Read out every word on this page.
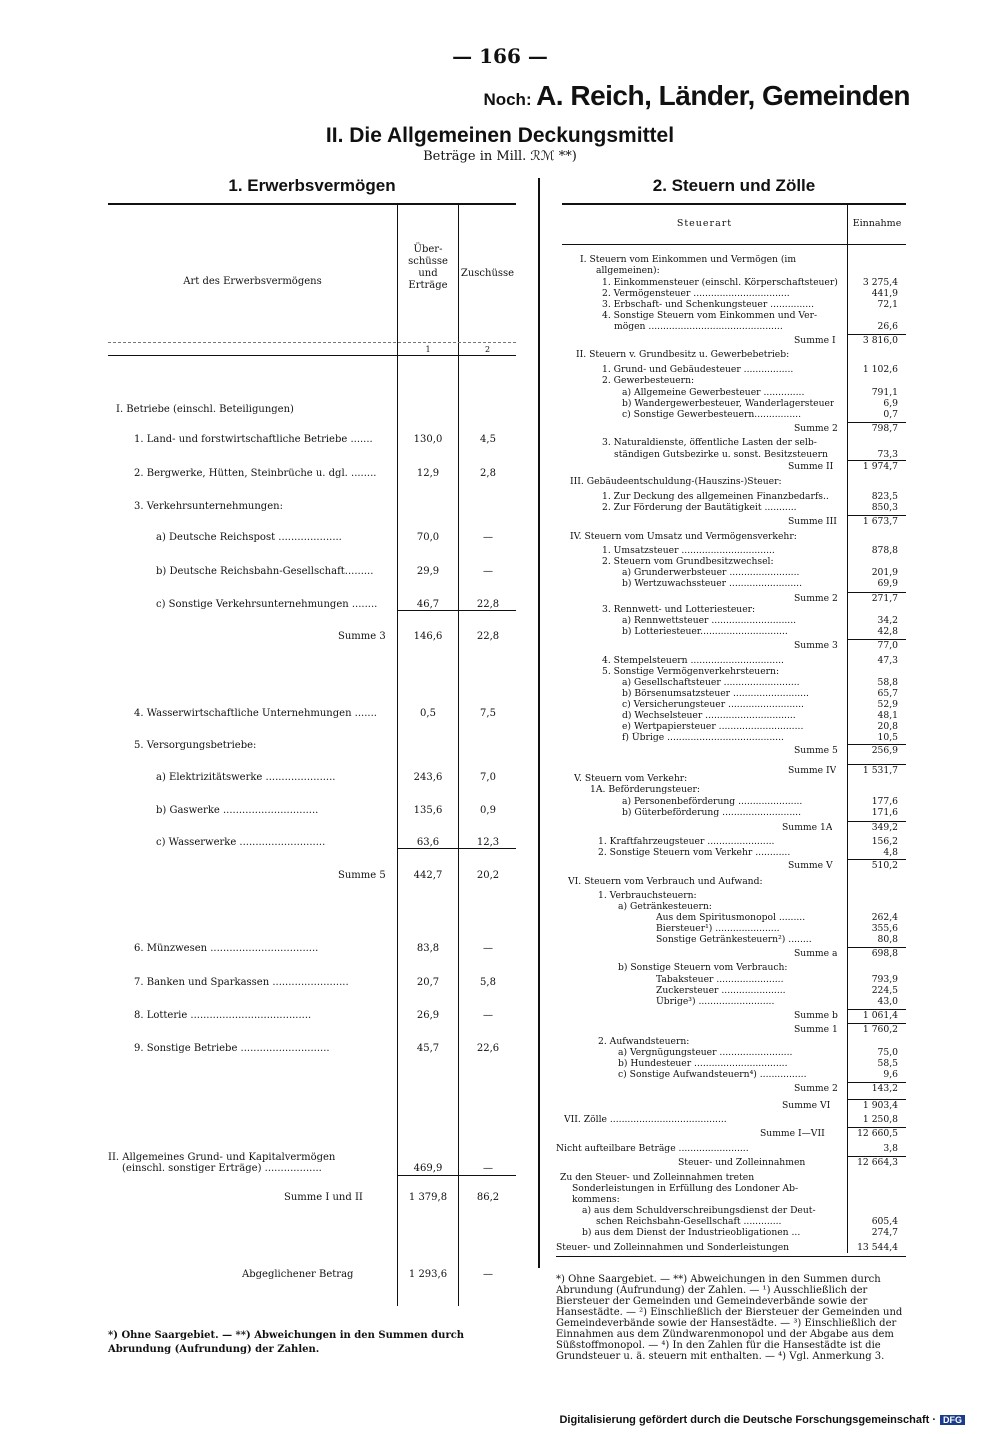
— 166 —
Noch: A. Reich, Länder, Gemeinden
II. Die Allgemeinen Deckungsmittel
Beträge in Mill. ℛℳ **)
1. Erwerbsvermögen	2. Steuern und Zölle
Art des Erwerbsvermögens
Über-
schüsse
und
Erträge
Zuschüsse
1	2
I. Betriebe (einschl. Beteiligungen)
1. Land- und forstwirtschaftliche Betriebe .......	130,0	4,5
2. Bergwerke, Hütten, Steinbrüche u. dgl. ........	12,9	2,8
3. Verkehrsunternehmungen:
a) Deutsche Reichspost ....................	70,0	—
b) Deutsche Reichsbahn-Gesellschaft.........	29,9	—
c) Sonstige Verkehrsunternehmungen ........	46,7	22,8
Summe 3	146,6	22,8
4. Wasserwirtschaftliche Unternehmungen .......	0,5	7,5
5. Versorgungsbetriebe:
a) Elektrizitätswerke ......................	243,6	7,0
b) Gaswerke ..............................	135,6	0,9
c) Wasserwerke ...........................	63,6	12,3
Summe 5	442,7	20,2
6. Münzwesen ..................................	83,8	—
7. Banken und Sparkassen ........................	20,7	5,8
8. Lotterie ......................................	26,9	—
9. Sonstige Betriebe ............................	45,7	22,6
II. Allgemeines Grund- und Kapitalvermögen
(einschl. sonstiger Erträge) ..................	469,9	—
Summe I und II	1 379,8	86,2
Abgeglichener Betrag	1 293,6	—
Steuerart	Einnahme
I. Steuern vom Einkommen und Vermögen (im
allgemeinen):
1. Einkommensteuer (einschl. Körperschaftsteuer)	3 275,4
2. Vermögensteuer .................................	441,9
3. Erbschaft- und Schenkungsteuer ...............	72,1
4. Sonstige Steuern vom Einkommen und Ver-
mögen ..............................................	26,6
Summe I	3 816,0
II. Steuern v. Grundbesitz u. Gewerbebetrieb:
1. Grund- und Gebäudesteuer .................	1 102,6
2. Gewerbesteuern:
a) Allgemeine Gewerbesteuer ..............	791,1
b) Wandergewerbesteuer, Wanderlagersteuer	6,9
c) Sonstige Gewerbesteuern................	0,7
Summe 2	798,7
3. Naturaldienste, öffentliche Lasten der selb-
ständigen Gutsbezirke u. sonst. Besitzsteuern	73,3
Summe II	1 974,7
III. Gebäudeentschuldung-(Hauszins-)Steuer:
1. Zur Deckung des allgemeinen Finanzbedarfs..	823,5
2. Zur Förderung der Bautätigkeit ...........	850,3
Summe III	1 673,7
IV. Steuern vom Umsatz und Vermögensverkehr:
1. Umsatzsteuer ................................	878,8
2. Steuern vom Grundbesitzwechsel:
a) Grunderwerbsteuer ........................	201,9
b) Wertzuwachssteuer .........................	69,9
Summe 2	271,7
3. Rennwett- und Lotteriesteuer:
a) Rennwettsteuer .............................	34,2
b) Lotteriesteuer..............................	42,8
Summe 3	77,0
4. Stempelsteuern ................................	47,3
5. Sonstige Vermögenverkehrsteuern:
a) Gesellschaftsteuer ..........................	58,8
b) Börsenumsatzsteuer ..........................	65,7
c) Versicherungsteuer ..........................	52,9
d) Wechselsteuer ...............................	48,1
e) Wertpapiersteuer .............................	20,8
f) Übrige ........................................	10,5
Summe 5	256,9
Summe IV	1 531,7
V. Steuern vom Verkehr:
1A. Beförderungsteuer:
a) Personenbeförderung ......................	177,6
b) Güterbeförderung ...........................	171,6
Summe 1A	349,2
1. Kraftfahrzeugsteuer .......................	156,2
2. Sonstige Steuern vom Verkehr ............	4,8
Summe V	510,2
VI. Steuern vom Verbrauch und Aufwand:
1. Verbrauchsteuern:
a) Getränkesteuern:
Aus dem Spiritusmonopol .........	262,4
Biersteuer¹) ......................	355,6
Sonstige Getränkesteuern²) ........	80,8
Summe a	698,8
b) Sonstige Steuern vom Verbrauch:
Tabaksteuer .......................	793,9
Zuckersteuer ......................	224,5
Übrige³) ..........................	43,0
Summe b	1 061,4
Summe 1	1 760,2
2. Aufwandsteuern:
a) Vergnügungsteuer .........................	75,0
b) Hundesteuer ................................	58,5
c) Sonstige Aufwandsteuern⁴) ................	9,6
Summe 2	143,2
Summe VI	1 903,4
VII. Zölle ........................................	1 250,8
Summe I—VII	12 660,5
Nicht aufteilbare Beträge ........................	3,8
Steuer- und Zolleinnahmen	12 664,3
Zu den Steuer- und Zolleinnahmen treten
Sonderleistungen in Erfüllung des Londoner Ab-
kommens:
a) aus dem Schuldverschreibungsdienst der Deut-
schen Reichsbahn-Gesellschaft .............	605,4
b) aus dem Dienst der Industrieobligationen ...	274,7
Steuer- und Zolleinnahmen und Sonderleistungen	13 544,4
*) Ohne Saargebiet. — **) Abweichungen in den Summen durch Abrundung (Aufrundung) der Zahlen.
*) Ohne Saargebiet. — **) Abweichungen in den Summen durch Abrundung (Aufrundung) der Zahlen. — ¹) Ausschließlich der Biersteuer der Gemeinden und Gemeindeverbände sowie der Hansestädte. — ²) Einschließlich der Biersteuer der Gemeinden und Gemeindeverbände sowie der Hansestädte. — ³) Einschließlich der Einnahmen aus dem Zündwarenmonopol und der Abgabe aus dem Süßstoffmonopol. — ⁴) In den Zahlen für die Hansestädte ist die Grundsteuer u. ä. steuern mit enthalten. — ⁴) Vgl. Anmerkung 3.
Digitalisierung gefördert durch die Deutsche Forschungsgemeinschaft · DFG
